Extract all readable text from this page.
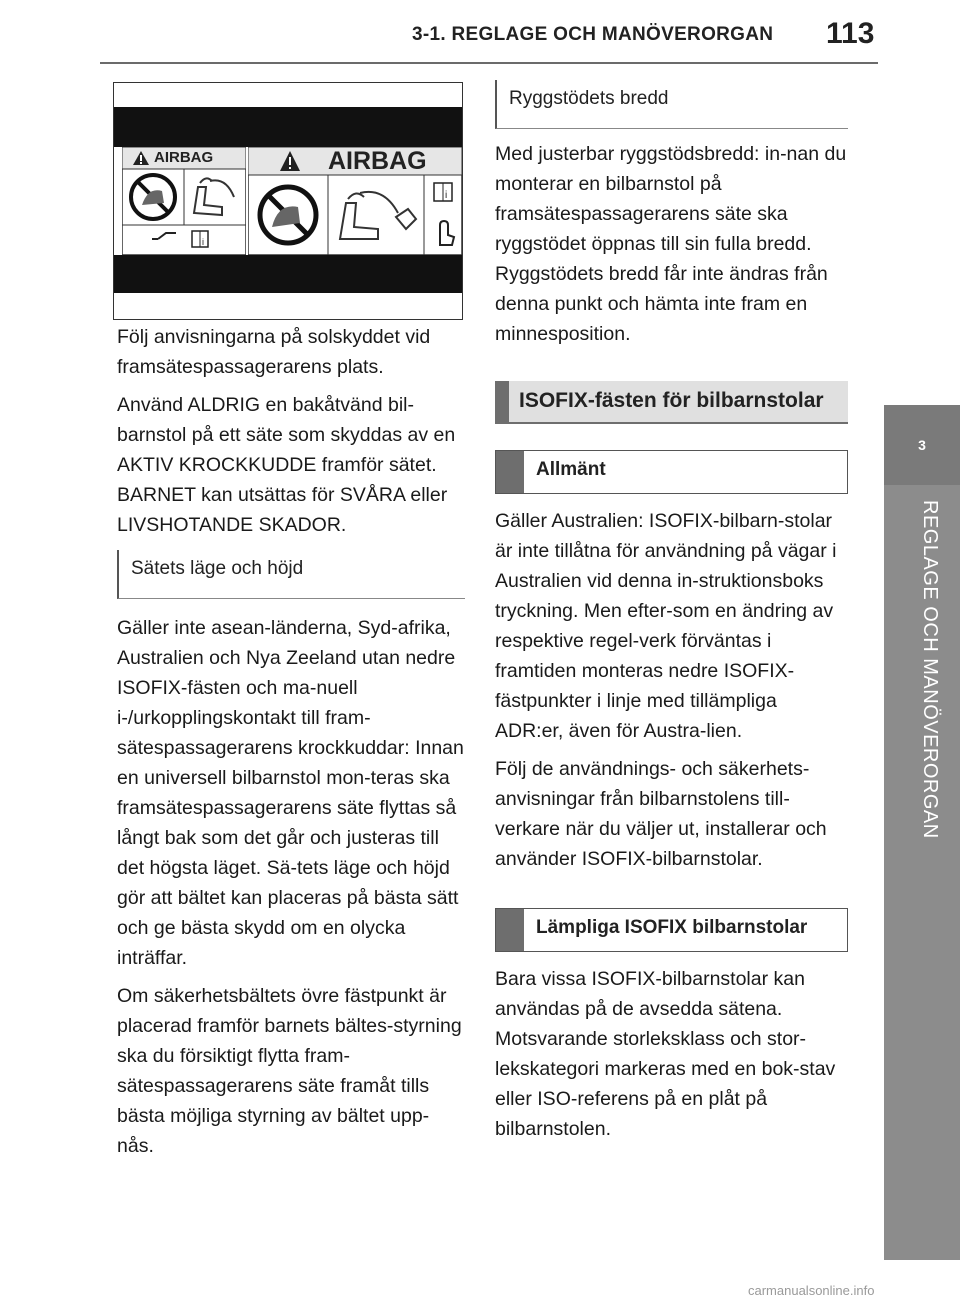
3-1. REGLAGE OCH MANÖVERORGAN 113
3
REGLAGE OCH MANÖVERORGAN
i
AIRBAG
i
AIRBAG

Följ anvisningarna på solskyddet vid framsätespassagerarens plats.

Använd ALDRIG en bakåtvänd bil-barnstol på ett säte som skyddas av en AKTIV KROCKKUDDE framför sätet. BARNET kan utsättas för SVÅRA eller LIVSHOTANDE SKADOR.

Sätets läge och höjd

Gäller inte asean-länderna, Syd-afrika, Australien och Nya Zeeland utan nedre ISOFIX-fästen och ma-nuell i-/urkopplingskontakt till fram-sätespassagerarens krockkuddar: Innan en universell bilbarnstol mon-teras ska framsätespassagerarens säte flyttas så långt bak som det går och justeras till det högsta läget. Sä-tets läge och höjd gör att bältet kan placeras på bästa sätt och ge bästa skydd om en olycka inträffar.

Om säkerhetsbältets övre fästpunkt är placerad framför barnets bältes-styrning ska du försiktigt flytta fram-sätespassagerarens säte framåt tills bästa möjliga styrning av bältet upp-nås.

Ryggstödets bredd

Med justerbar ryggstödsbredd: in-nan du monterar en bilbarnstol på framsätespassagerarens säte ska ryggstödet öppnas till sin fulla bredd. Ryggstödets bredd får inte ändras från denna punkt och hämta inte fram en minnesposition.

ISOFIX-fästen för bilbarnstolar
Allmänt

Gäller Australien: ISOFIX-bilbarn-stolar är inte tillåtna för användning på vägar i Australien vid denna in-struktionsboks tryckning. Men efter-som en ändring av respektive regel-verk förväntas i framtiden monteras nedre ISOFIX-fästpunkter i linje med tillämpliga ADR:er, även för Austra-lien.

Följ de användnings- och säkerhets-anvisningar från bilbarnstolens till-verkare när du väljer ut, installerar och använder ISOFIX-bilbarnstolar.

Lämpliga ISOFIX bilbarnstolar

Bara vissa ISOFIX-bilbarnstolar kan användas på de avsedda sätena. Motsvarande storleksklass och stor-lekskategori markeras med en bok-stav eller ISO-referens på en plåt på bilbarnstolen.

carmanualsonline.info
